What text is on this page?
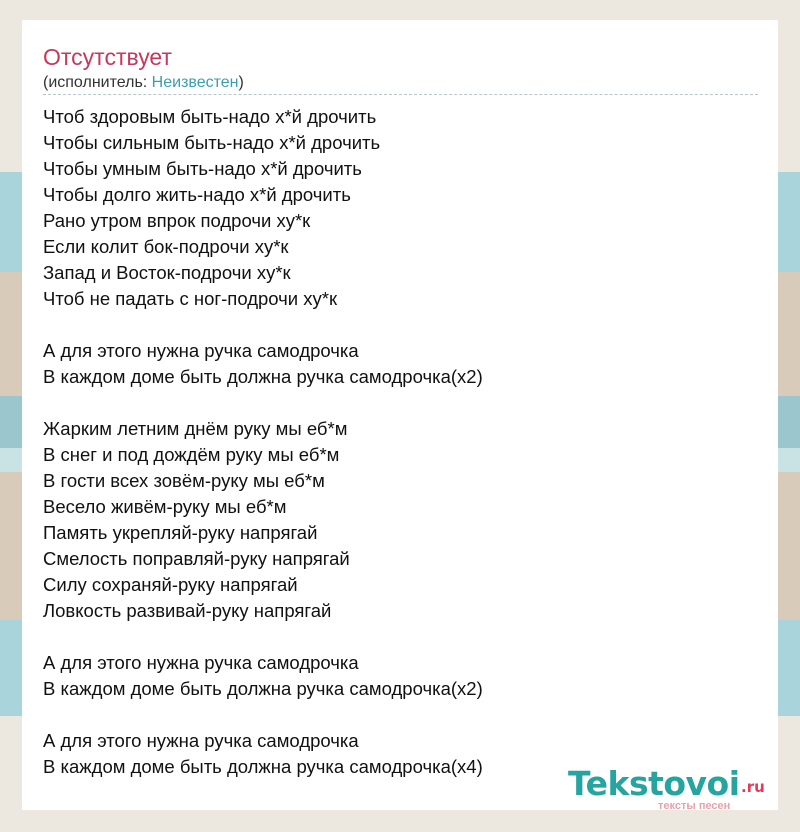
Отсутствует
(исполнитель: Неизвестен)
Чтоб здоровым быть-надо х*й дрочить
Чтобы сильным быть-надо х*й дрочить
Чтобы умным быть-надо х*й дрочить
Чтобы долго жить-надо х*й дрочить
Рано утром впрок подрочи ху*к
Если колит бок-подрочи ху*к
Запад и Восток-подрочи ху*к
Чтоб не падать с ног-подрочи ху*к
А для этого нужна ручка самодрочка
В каждом доме быть должна ручка самодрочка(х2)
Жарким летним днём руку мы еб*м
В снег и под дождём руку мы еб*м
В гости всех зовём-руку мы еб*м
Весело живём-руку мы еб*м
Память укрепляй-руку напрягай
Смелость поправляй-руку напрягай
Силу сохраняй-руку напрягай
Ловкость развивай-руку напрягай
А для этого нужна ручка самодрочка
В каждом доме быть должна ручка самодрочка(х2)
А для этого нужна ручка самодрочка
В каждом доме быть должна ручка самодрочка(х4)	Tekstovoi .ru
тексты песен
